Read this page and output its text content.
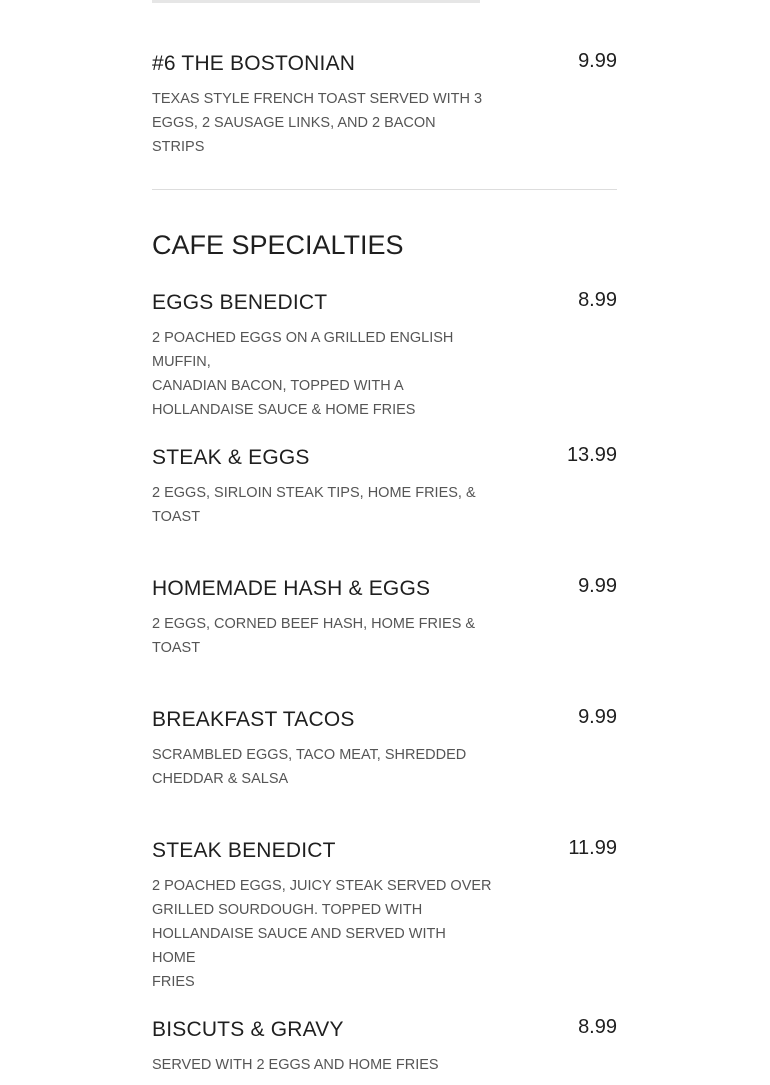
#6 THE BOSTONIAN	9.99
TEXAS STYLE FRENCH TOAST SERVED WITH 3
EGGS, 2 SAUSAGE LINKS, AND 2 BACON STRIPS
CAFE SPECIALTIES
EGGS BENEDICT	8.99
2 POACHED EGGS ON A GRILLED ENGLISH MUFFIN,
CANADIAN BACON, TOPPED WITH A
HOLLANDAISE SAUCE & HOME FRIES
STEAK & EGGS	13.99
2 EGGS, SIRLOIN STEAK TIPS, HOME FRIES, &
TOAST
HOMEMADE HASH & EGGS	9.99
2 EGGS, CORNED BEEF HASH, HOME FRIES &
TOAST
BREAKFAST TACOS	9.99
SCRAMBLED EGGS, TACO MEAT, SHREDDED
CHEDDAR & SALSA
STEAK BENEDICT	11.99
2 POACHED EGGS, JUICY STEAK SERVED OVER
GRILLED SOURDOUGH. TOPPED WITH
HOLLANDAISE SAUCE AND SERVED WITH HOME
FRIES
BISCUTS & GRAVY	8.99
SERVED WITH 2 EGGS AND HOME FRIES
